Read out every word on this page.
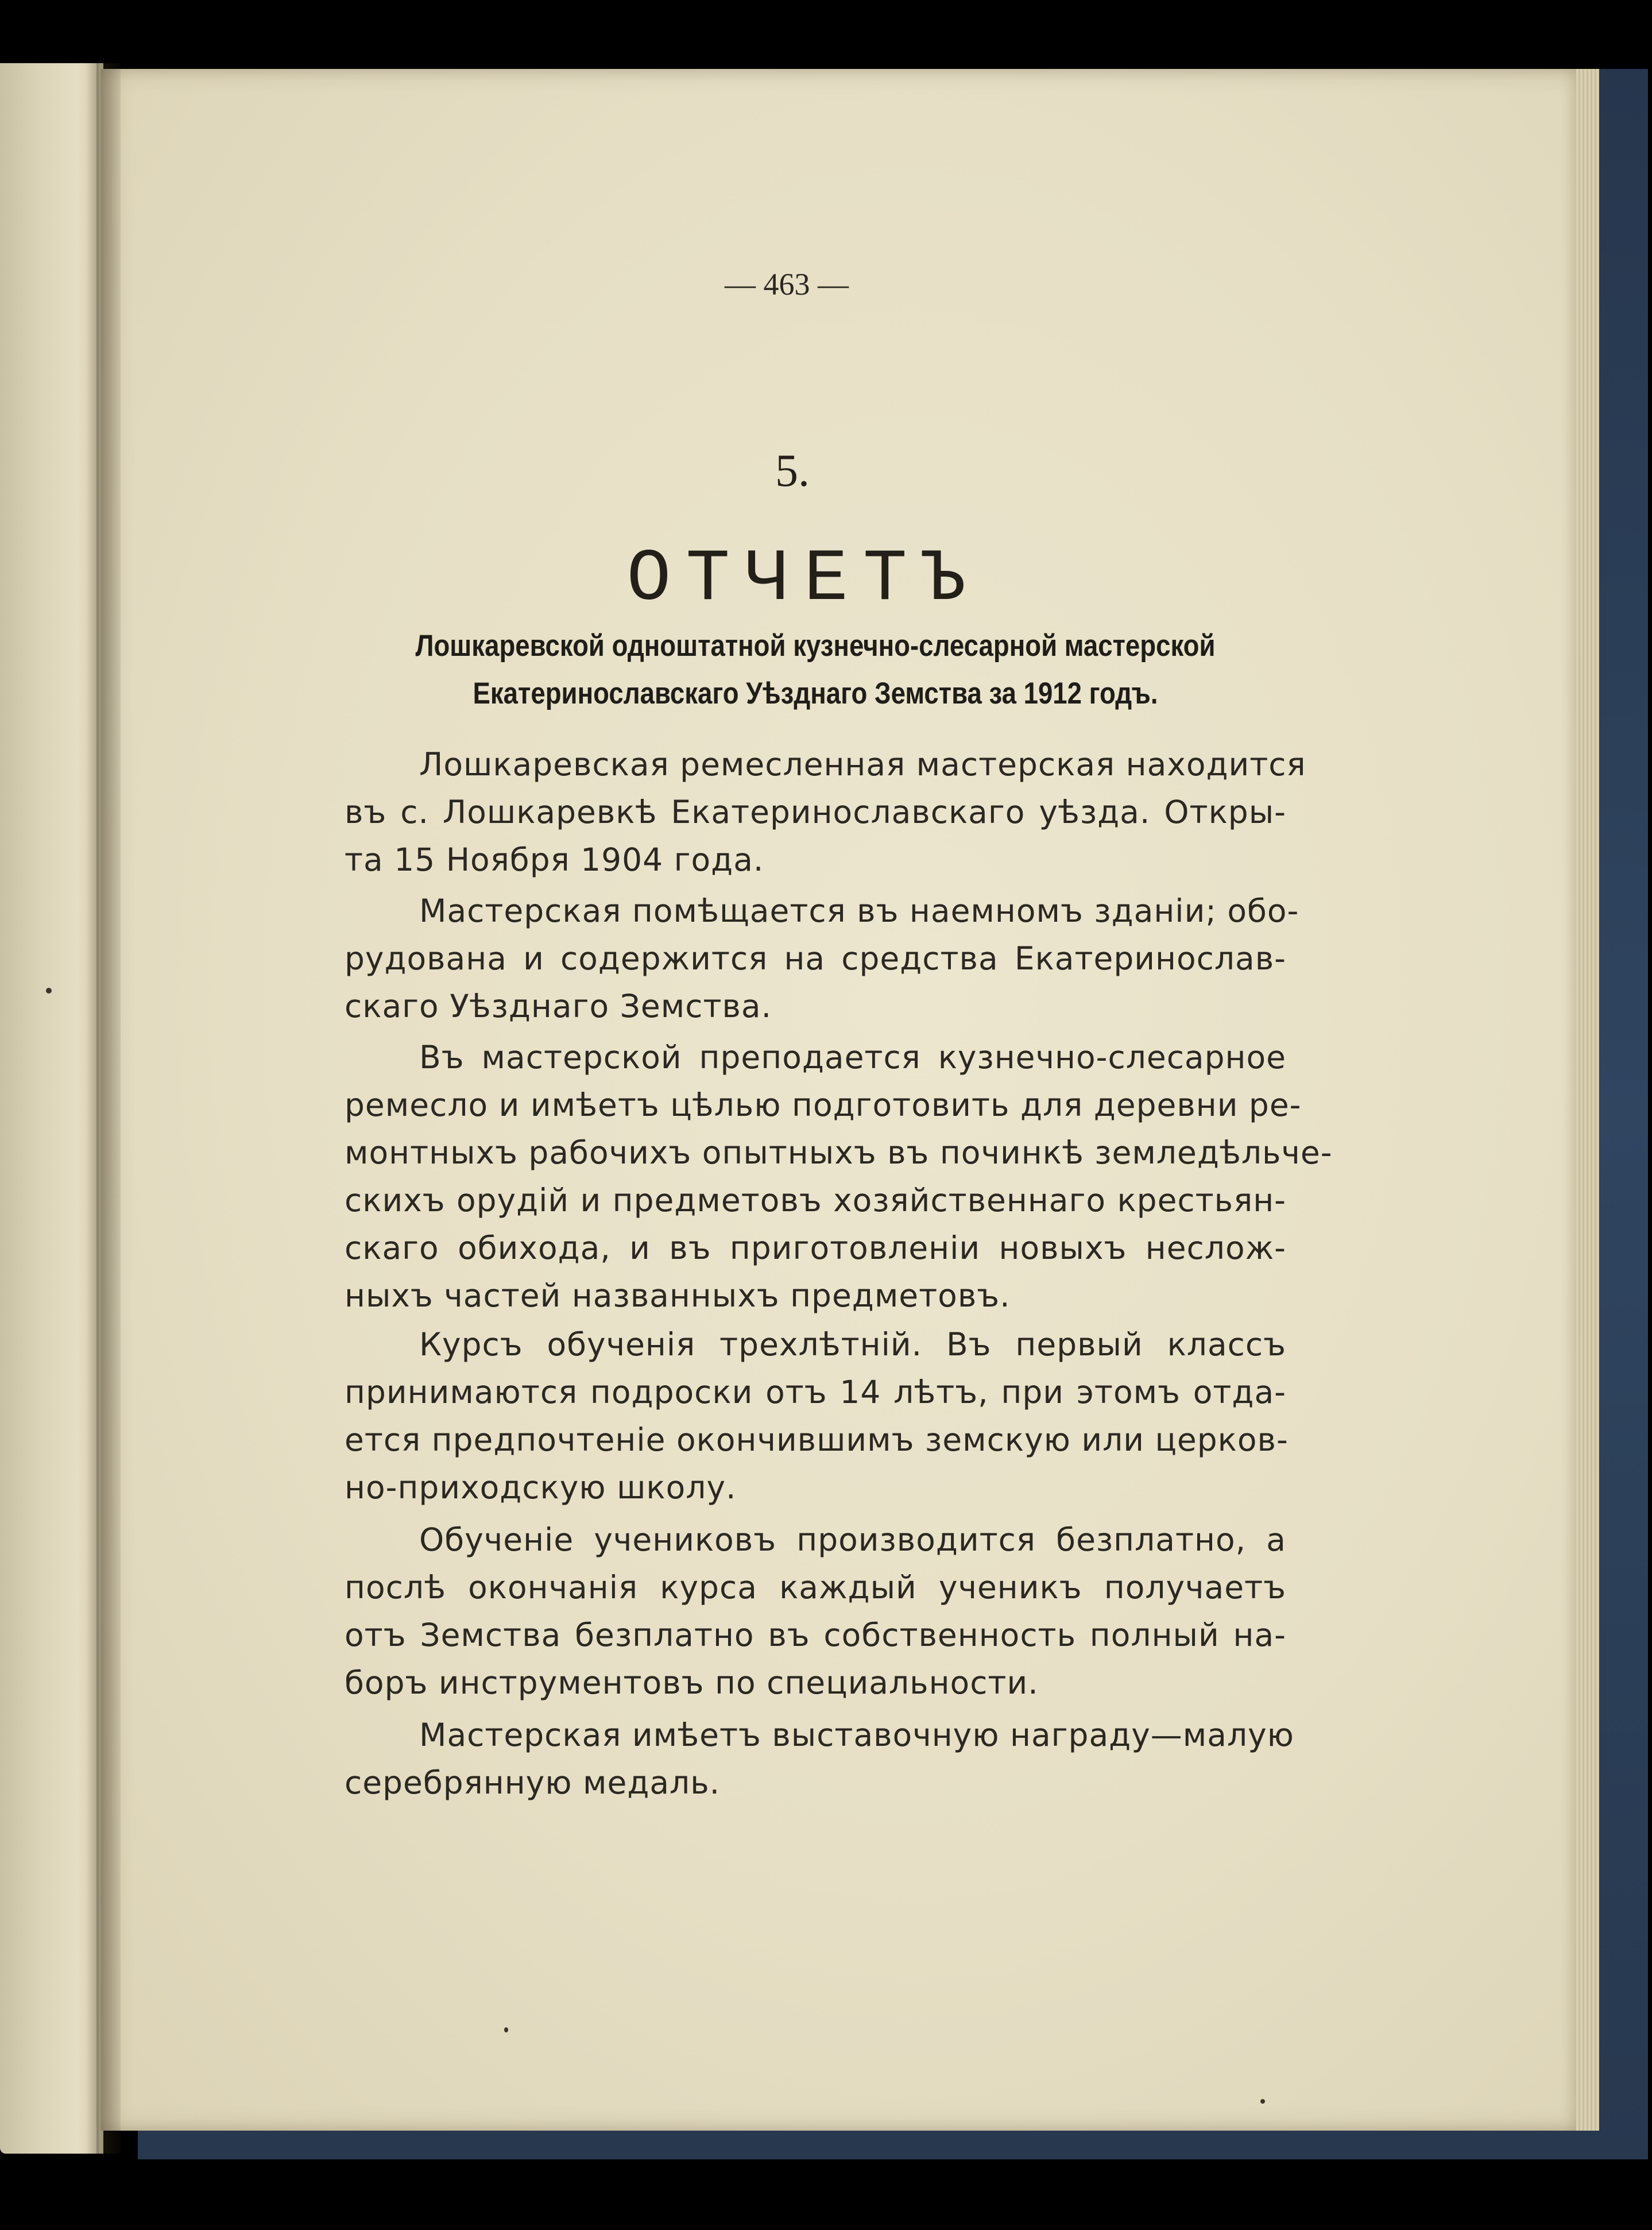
— 463 —
5.
ОТЧЕТЪ
Лошкаревской одноштатной кузнечно-слесарной мастерской
Екатеринославскаго Уѣзднаго Земства за 1912 годъ.
Лошкаревская ремесленная мастерская находится
въ с. Лошкаревкѣ Екатеринославскаго уѣзда. Откры-
та 15 Ноября 1904 года.
Мастерская помѣщается въ наемномъ зданіи; обо-
рудована и содержится на средства Екатеринослав-
скаго Уѣзднаго Земства.
Въ мастерской преподается кузнечно-слесарное
ремесло и имѣетъ цѣлью подготовить для деревни ре-
монтныхъ рабочихъ опытныхъ въ починкѣ земледѣльче-
скихъ орудій и предметовъ хозяйственнаго крестьян-
скаго обихода, и въ приготовленіи новыхъ неслож-
ныхъ частей названныхъ предметовъ.
Курсъ обученія трехлѣтній. Въ первый классъ
принимаются подроски отъ 14 лѣтъ, при этомъ отда-
ется предпочтеніе окончившимъ земскую или церков-
но-приходскую школу.
Обученіе учениковъ производится безплатно, а
послѣ окончанія курса каждый ученикъ получаетъ
отъ Земства безплатно въ собственность полный на-
боръ инструментовъ по специальности.
Мастерская имѣетъ выставочную награду—малую
серебрянную медаль.
